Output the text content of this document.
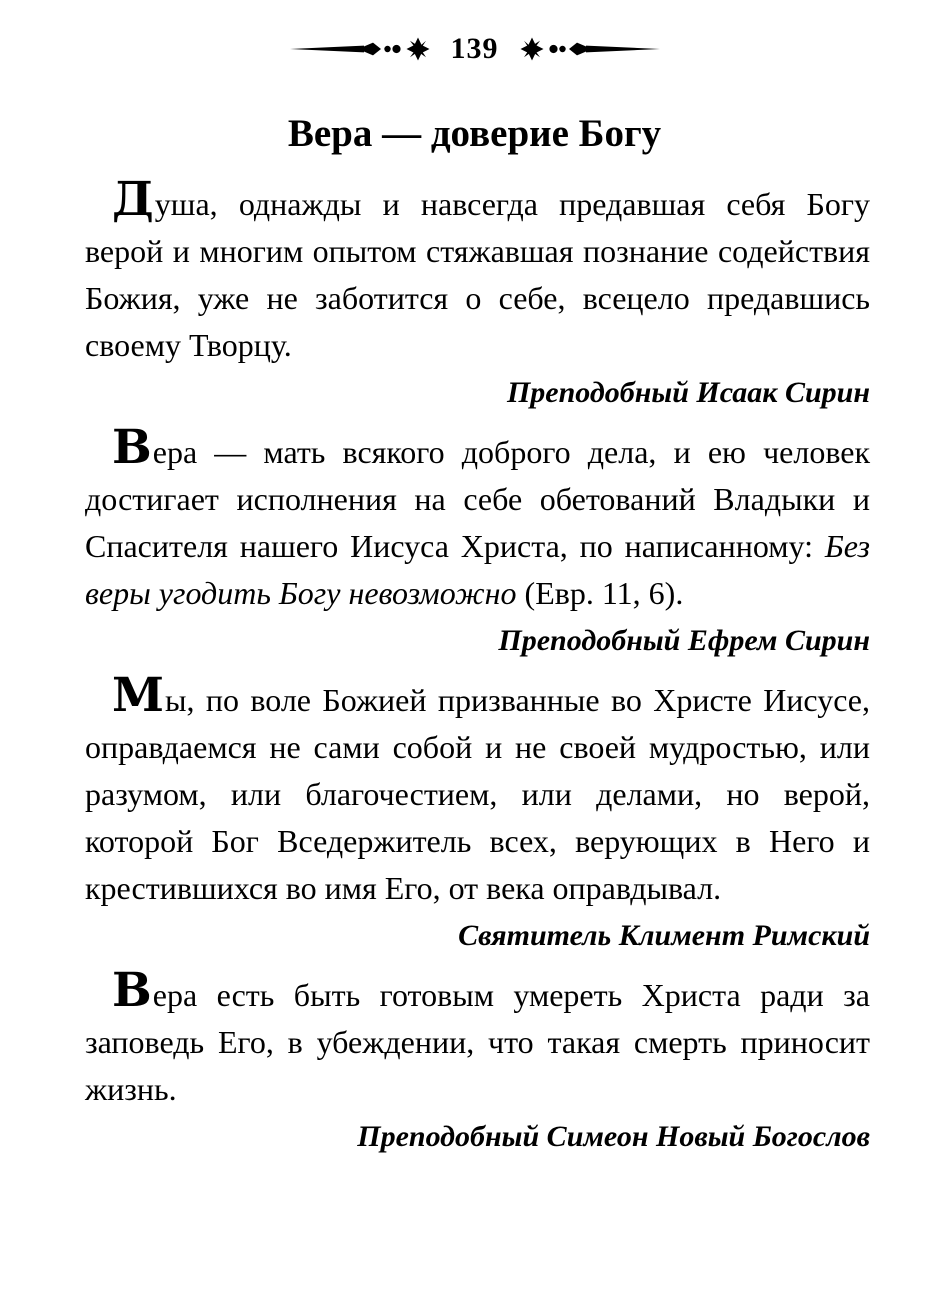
139
Вера — доверие Богу

Душа, однажды и навсегда предавшая себя Богу верой и многим опытом стяжавшая познание содействия Божия, уже не заботится о себе, всецело предавшись своему Творцу.

Преподобный Исаак Сирин

Вера — мать всякого доброго дела, и ею человек достигает исполнения на себе обетований Владыки и Спасителя нашего Иисуса Христа, по написанному: Без веры угодить Богу невозможно (Евр. 11, 6).

Преподобный Ефрем Сирин

Мы, по воле Божией призванные во Христе Иисусе, оправдаемся не сами собой и не своей мудростью, или разумом, или благочестием, или делами, но верой, которой Бог Вседержитель всех, верующих в Него и крестившихся во имя Его, от века оправдывал.

Святитель Климент Римский

Вера есть быть готовым умереть Христа ради за заповедь Его, в убеждении, что такая смерть приносит жизнь.

Преподобный Симеон Новый Богослов
